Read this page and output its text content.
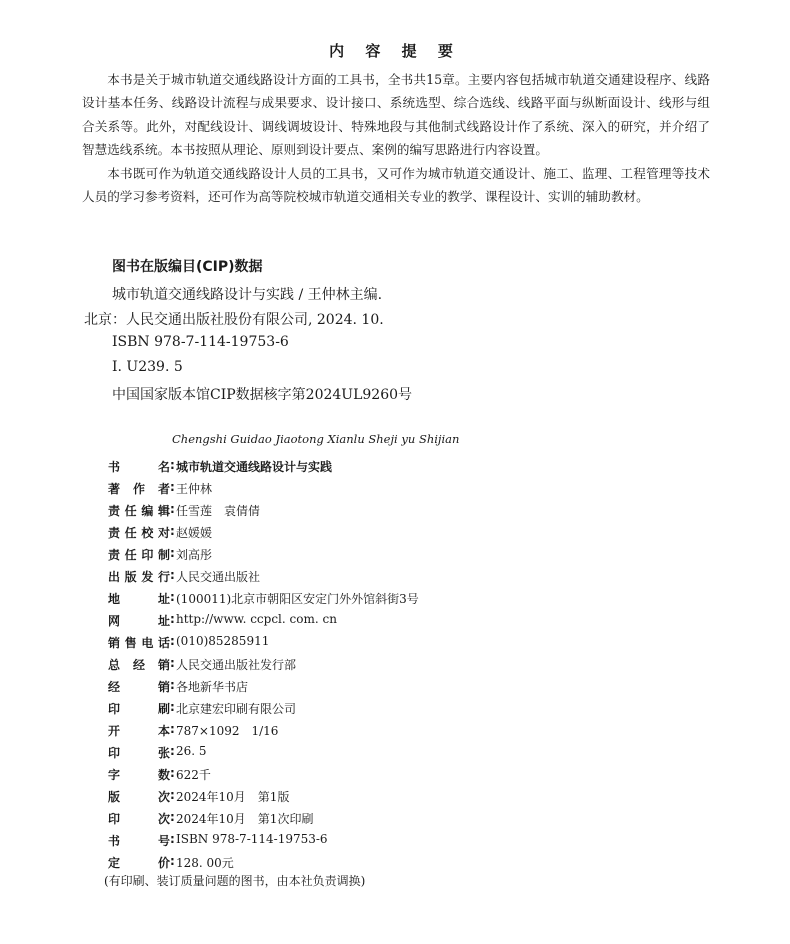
内 容 提 要

本书是关于城市轨道交通线路设计方面的工具书，全书共15章。主要内容包括城市轨道交通建设程序、线路设计基本任务、线路设计流程与成果要求、设计接口、系统选型、综合选线、线路平面与纵断面设计、线形与组合关系等。此外，对配线设计、调线调坡设计、特殊地段与其他制式线路设计作了系统、深入的研究，并介绍了智慧选线系统。本书按照从理论、原则到设计要点、案例的编写思路进行内容设置。

本书既可作为轨道交通线路设计人员的工具书，又可作为城市轨道交通设计、施工、监理、工程管理等技术人员的学习参考资料，还可作为高等院校城市轨道交通相关专业的教学、课程设计、实训的辅助教材。

图书在版编目(CIP)数据
城市轨道交通线路设计与实践 / 王仲林主编.
北京：人民交通出版社股份有限公司, 2024. 10.
ISBN 978-7-114-19753-6
Ⅰ. U239. 5
中国国家版本馆CIP数据核字第2024UL9260号
Chengshi Guidao Jiaotong Xianlu Sheji yu Shijian
书名 : 城市轨道交通线路设计与实践
著作者 : 王仲林
责任编辑 : 任雪莲　袁倩倩
责任校对 : 赵媛媛
责任印制 : 刘高彤
出版发行 : 人民交通出版社
地址 : (100011)北京市朝阳区安定门外外馆斜街3号
网址 : http://www. ccpcl. com. cn
销售电话 : (010)85285911
总经销 : 人民交通出版社发行部
经销 : 各地新华书店
印刷 : 北京建宏印刷有限公司
开本 : 787×1092　1/16
印张 : 26. 5
字数 : 622千
版次 : 2024年10月　第1版
印次 : 2024年10月　第1次印刷
书号 : ISBN 978-7-114-19753-6
定价 : 128. 00元
(有印刷、装订质量问题的图书，由本社负责调换)
